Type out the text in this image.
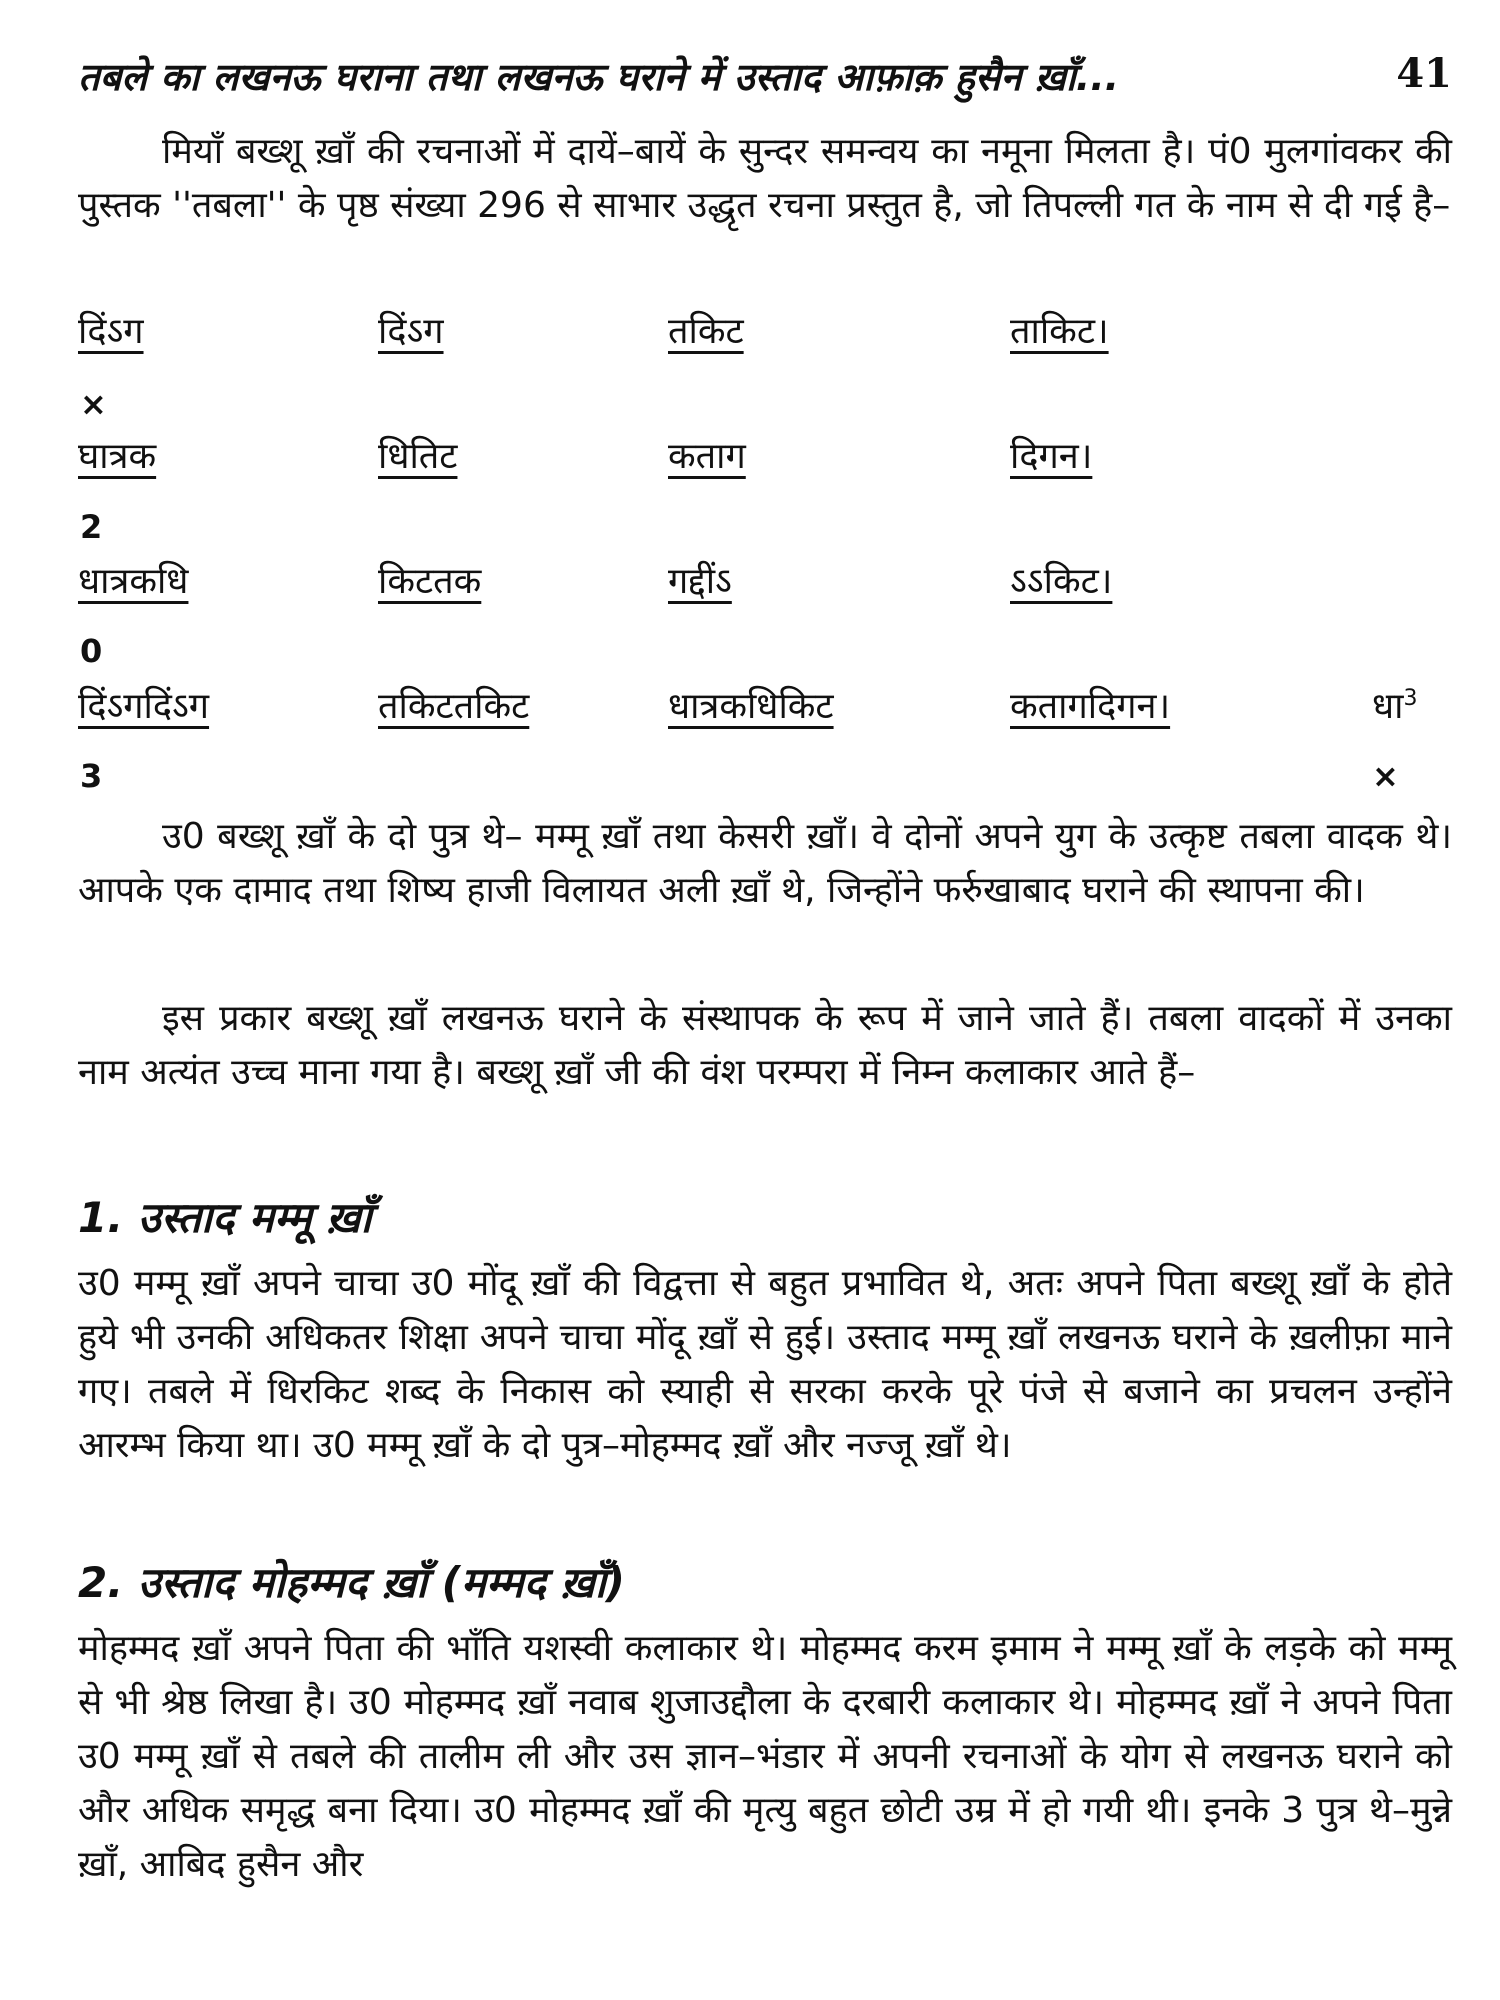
तबले का लखनऊ घराना तथा लखनऊ घराने में उस्ताद आफ़ाक़ हुसैन ख़ाँ...	41

मियाँ बख्शू ख़ाँ की रचनाओं में दायें–बायें के सुन्दर समन्वय का नमूना मिलता है। पं0 मुलगांवकर की पुस्तक ''तबला'' के पृष्ठ संख्या 296 से साभार उद्धृत रचना प्रस्तुत है, जो तिपल्ली गत के नाम से दी गई है–

दिंऽग	दिंऽग	तकिट	ताकिट।
×
घात्रक	धितिट	कताग	दिगन।
2
धात्रकधि	किटतक	गद्दींऽ	ऽऽकिट।
0
दिंऽगदिंऽग	तकिटतकिट	धात्रकधिकिट	कतागदिगन।	धा$^3$
3	×

उ0 बख्शू ख़ाँ के दो पुत्र थे– मम्मू ख़ाँ तथा केसरी ख़ाँ। वे दोनों अपने युग के उत्कृष्ट तबला वादक थे। आपके एक दामाद तथा शिष्य हाजी विलायत अली ख़ाँ थे, जिन्होंने फर्रुखाबाद घराने की स्थापना की।

इस प्रकार बख्शू ख़ाँ लखनऊ घराने के संस्थापक के रूप में जाने जाते हैं। तबला वादकों में उनका नाम अत्यंत उच्च माना गया है। बख्शू ख़ाँ जी की वंश परम्परा में निम्न कलाकार आते हैं–

1. उस्ताद मम्मू ख़ाँ

उ0 मम्मू ख़ाँ अपने चाचा उ0 मोंदू ख़ाँ की विद्वत्ता से बहुत प्रभावित थे, अतः अपने पिता बख्शू ख़ाँ के होते हुये भी उनकी अधिकतर शिक्षा अपने चाचा मोंदू ख़ाँ से हुई। उस्ताद मम्मू ख़ाँ लखनऊ घराने के ख़लीफ़ा माने गए। तबले में धिरकिट शब्द के निकास को स्याही से सरका करके पूरे पंजे से बजाने का प्रचलन उन्होंने आरम्भ किया था। उ0 मम्मू ख़ाँ के दो पुत्र–मोहम्मद ख़ाँ और नज्जू ख़ाँ थे।

2. उस्ताद मोहम्मद ख़ाँ (मम्मद ख़ाँ)

मोहम्मद ख़ाँ अपने पिता की भाँति यशस्वी कलाकार थे। मोहम्मद करम इमाम ने मम्मू ख़ाँ के लड़के को मम्मू से भी श्रेष्ठ लिखा है। उ0 मोहम्मद ख़ाँ नवाब शुजाउद्दौला के दरबारी कलाकार थे। मोहम्मद ख़ाँ ने अपने पिता उ0 मम्मू ख़ाँ से तबले की तालीम ली और उस ज्ञान–भंडार में अपनी रचनाओं के योग से लखनऊ घराने को और अधिक समृद्ध बना दिया। उ0 मोहम्मद ख़ाँ की मृत्यु बहुत छोटी उम्र में हो गयी थी। इनके 3 पुत्र थे–मुन्ने ख़ाँ, आबिद हुसैन और
